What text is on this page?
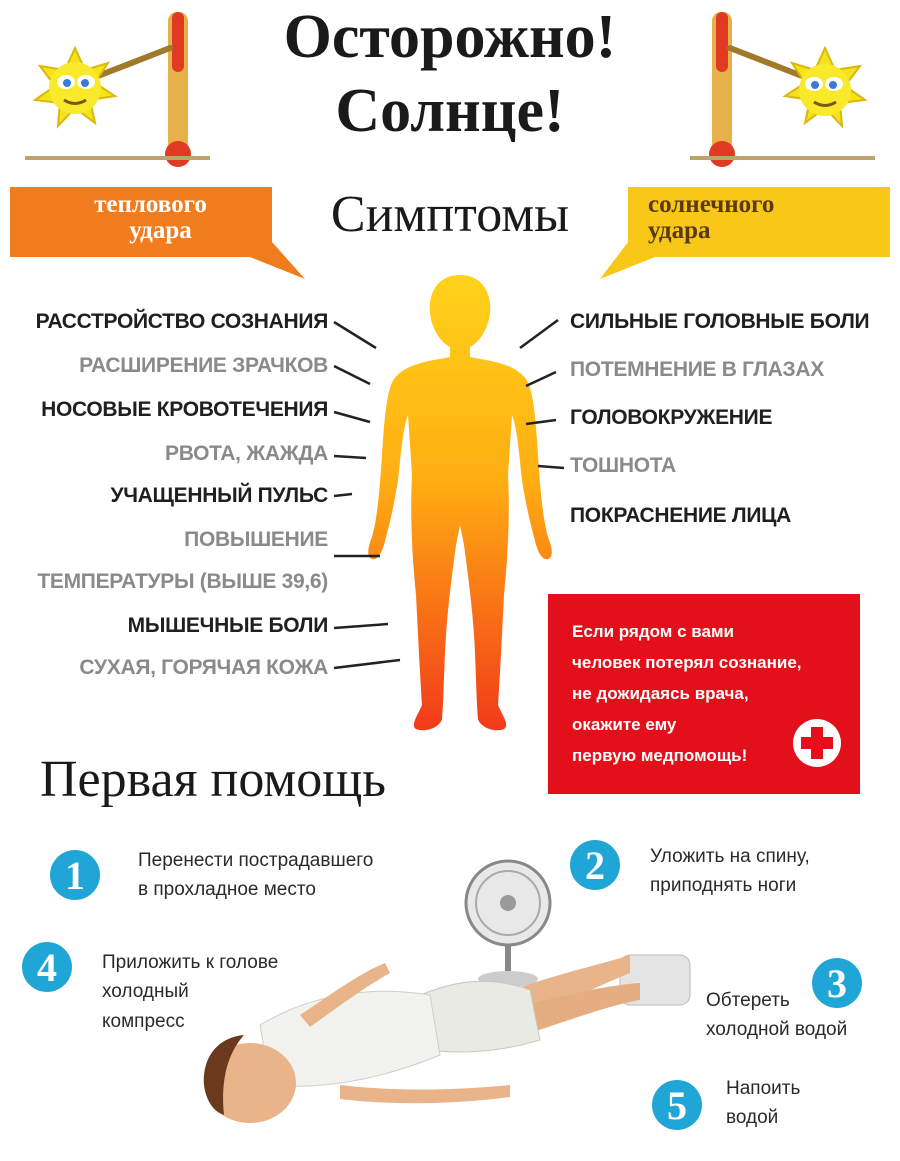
Осторожно!
Солнце!
теплового
удара	Симптомы	солнечного
удара
РАССТРОЙСТВО СОЗНАНИЯ
РАСШИРЕНИЕ ЗРАЧКОВ
НОСОВЫЕ КРОВОТЕЧЕНИЯ
РВОТА, ЖАЖДА
УЧАЩЕННЫЙ ПУЛЬС
ПОВЫШЕНИЕ
ТЕМПЕРАТУРЫ (ВЫШЕ 39,6)
МЫШЕЧНЫЕ БОЛИ
СУХАЯ, ГОРЯЧАЯ КОЖА
СИЛЬНЫЕ ГОЛОВНЫЕ БОЛИ
ПОТЕМНЕНИЕ В ГЛАЗАХ
ГОЛОВОКРУЖЕНИЕ
ТОШНОТА
ПОКРАСНЕНИЕ ЛИЦА
Если рядом с вами
человек потерял сознание,
не дожидаясь врача,
окажите ему
первую медпомощь!
Первая помощь
1	Перенести пострадавшего
в прохладное место
2	Уложить на спину,
приподнять ноги
4	Приложить к голове
холодный
компресс
3
Обтереть
холодной водой
5	Напоить
водой
